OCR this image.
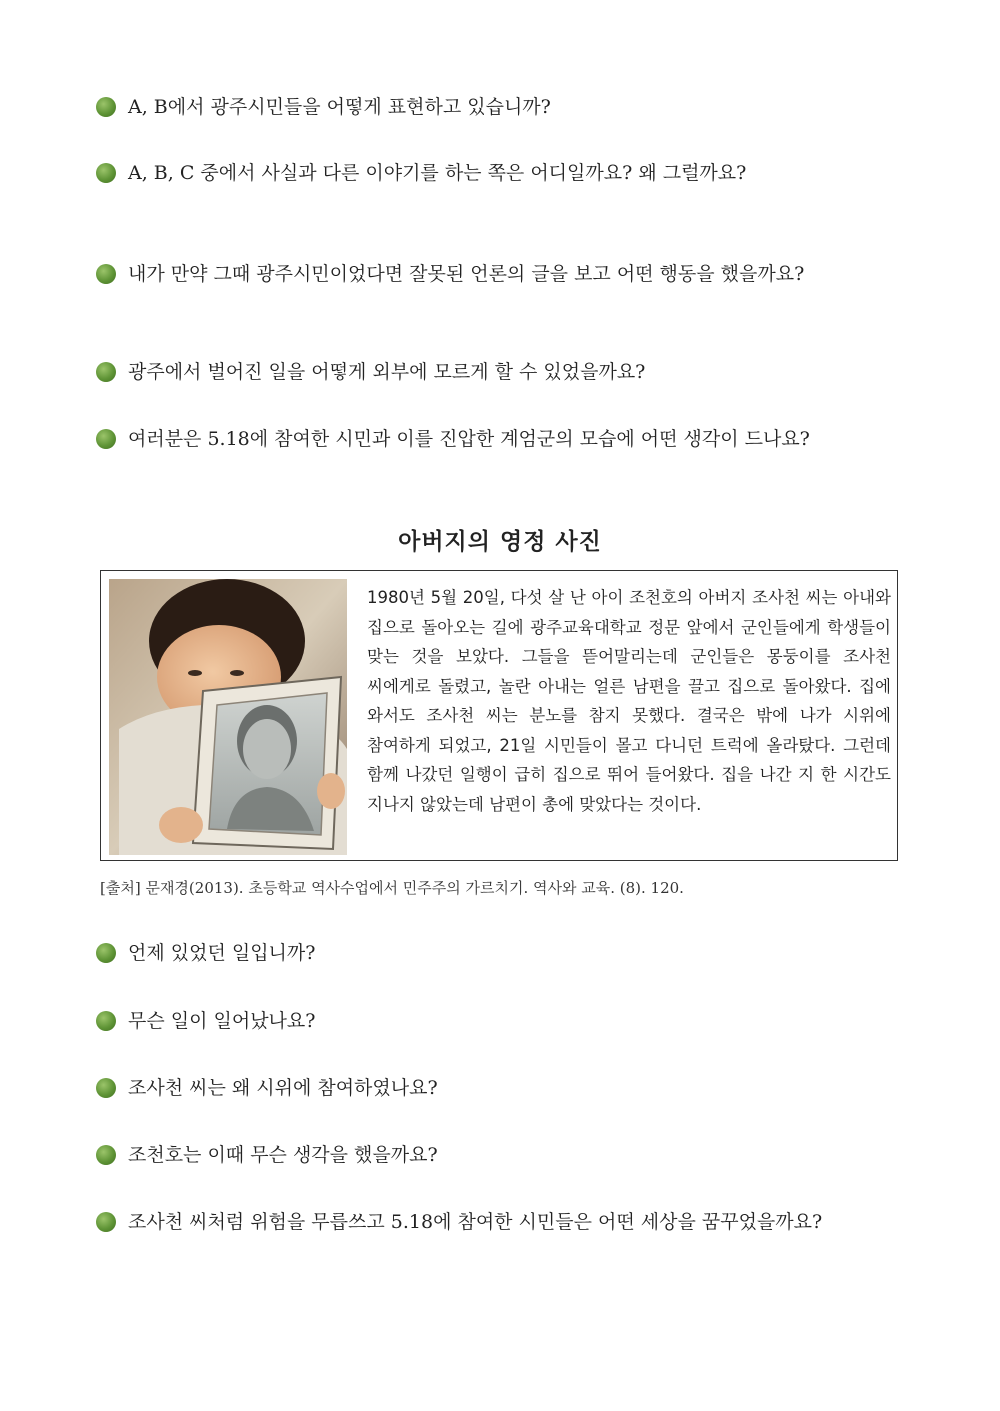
A, B에서 광주시민들을 어떻게 표현하고 있습니까?
A, B, C 중에서 사실과 다른 이야기를 하는 쪽은 어디일까요? 왜 그럴까요?
내가 만약 그때 광주시민이었다면 잘못된 언론의 글을 보고 어떤 행동을 했을까요?
광주에서 벌어진 일을 어떻게 외부에 모르게 할 수 있었을까요?
여러분은 5.18에 참여한 시민과 이를 진압한 계엄군의 모습에 어떤 생각이 드나요?
아버지의 영정 사진
1980년 5월 20일, 다섯 살 난 아이 조천호의 아버지 조사천 씨는 아내와 집으로 돌아오는 길에 광주교육대학교 정문 앞에서 군인들에게 학생들이 맞는 것을 보았다. 그들을 뜯어말리는데 군인들은 몽둥이를 조사천 씨에게로 돌렸고, 놀란 아내는 얼른 남편을 끌고 집으로 돌아왔다. 집에 와서도 조사천 씨는 분노를 참지 못했다. 결국은 밖에 나가 시위에 참여하게 되었고, 21일 시민들이 몰고 다니던 트럭에 올라탔다. 그런데 함께 나갔던 일행이 급히 집으로 뛰어 들어왔다. 집을 나간 지 한 시간도 지나지 않았는데 남편이 총에 맞았다는 것이다.
[출처] 문재경(2013). 초등학교 역사수업에서 민주주의 가르치기. 역사와 교육. (8). 120.
언제 있었던 일입니까?
무슨 일이 일어났나요?
조사천 씨는 왜 시위에 참여하였나요?
조천호는 이때 무슨 생각을 했을까요?
조사천 씨처럼 위험을 무릅쓰고 5.18에 참여한 시민들은 어떤 세상을 꿈꾸었을까요?
